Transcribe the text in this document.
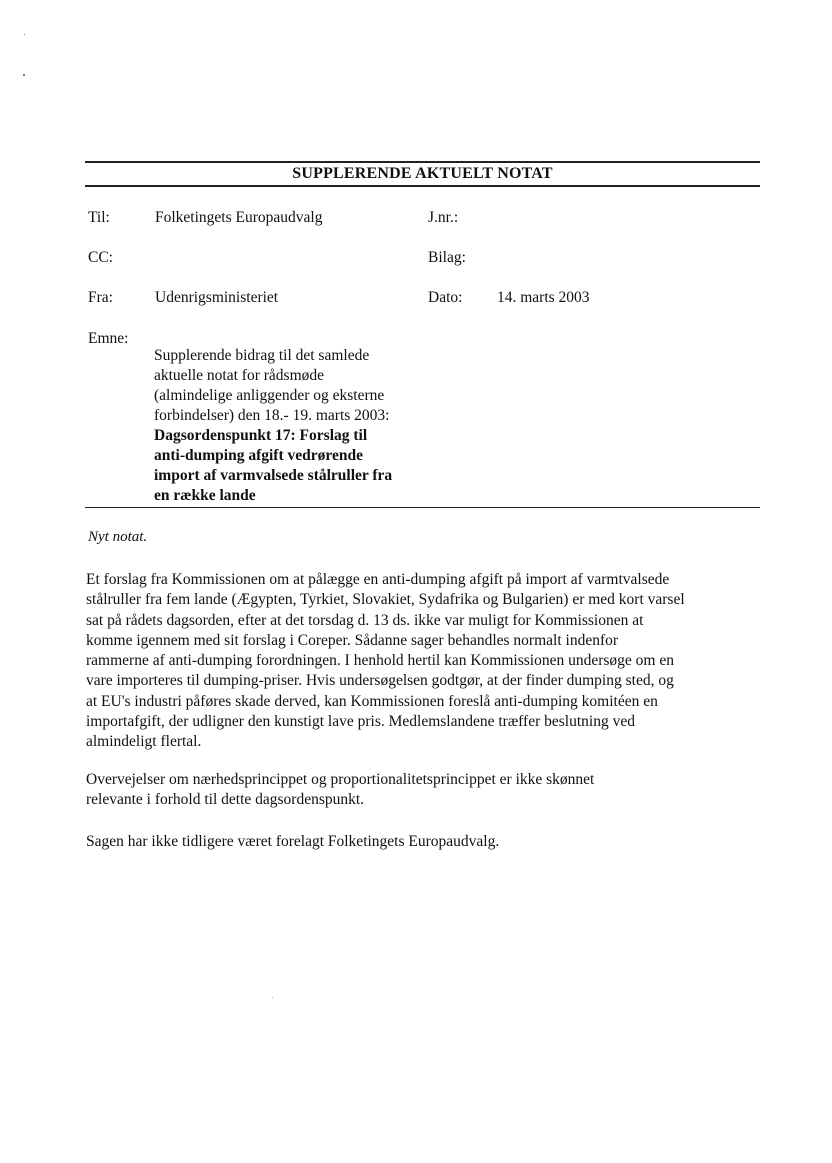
SUPPLERENDE AKTUELT NOTAT
Til:	Folketingets Europaudvalg	J.nr.:
CC:	Bilag:
Fra:	Udenrigsministeriet	Dato: 14. marts 2003
Emne:
Supplerende bidrag til det samlede
aktuelle notat for rådsmøde
(almindelige anliggender og eksterne
forbindelser) den 18.- 19. marts 2003:
Dagsordenspunkt 17: Forslag til
anti-dumping afgift vedrørende
import af varmvalsede stålruller fra
en række lande
Nyt notat.
Et forslag fra Kommissionen om at pålægge en anti-dumping afgift på import af varmtvalsede
stålruller fra fem lande (Ægypten, Tyrkiet, Slovakiet, Sydafrika og Bulgarien) er med kort varsel
sat på rådets dagsorden, efter at det torsdag d. 13 ds. ikke var muligt for Kommissionen at
komme igennem med sit forslag i Coreper. Sådanne sager behandles normalt indenfor
rammerne af anti-dumping forordningen. I henhold hertil kan Kommissionen undersøge om en
vare importeres til dumping-priser. Hvis undersøgelsen godtgør, at der finder dumping sted, og
at EU's industri påføres skade derved, kan Kommissionen foreslå anti-dumping komitéen en
importafgift, der udligner den kunstigt lave pris. Medlemslandene træffer beslutning ved
almindeligt flertal.
Overvejelser om nærhedsprincippet og proportionalitetsprincippet er ikke skønnet
relevante i forhold til dette dagsordenspunkt.
Sagen har ikke tidligere været forelagt Folketingets Europaudvalg.
